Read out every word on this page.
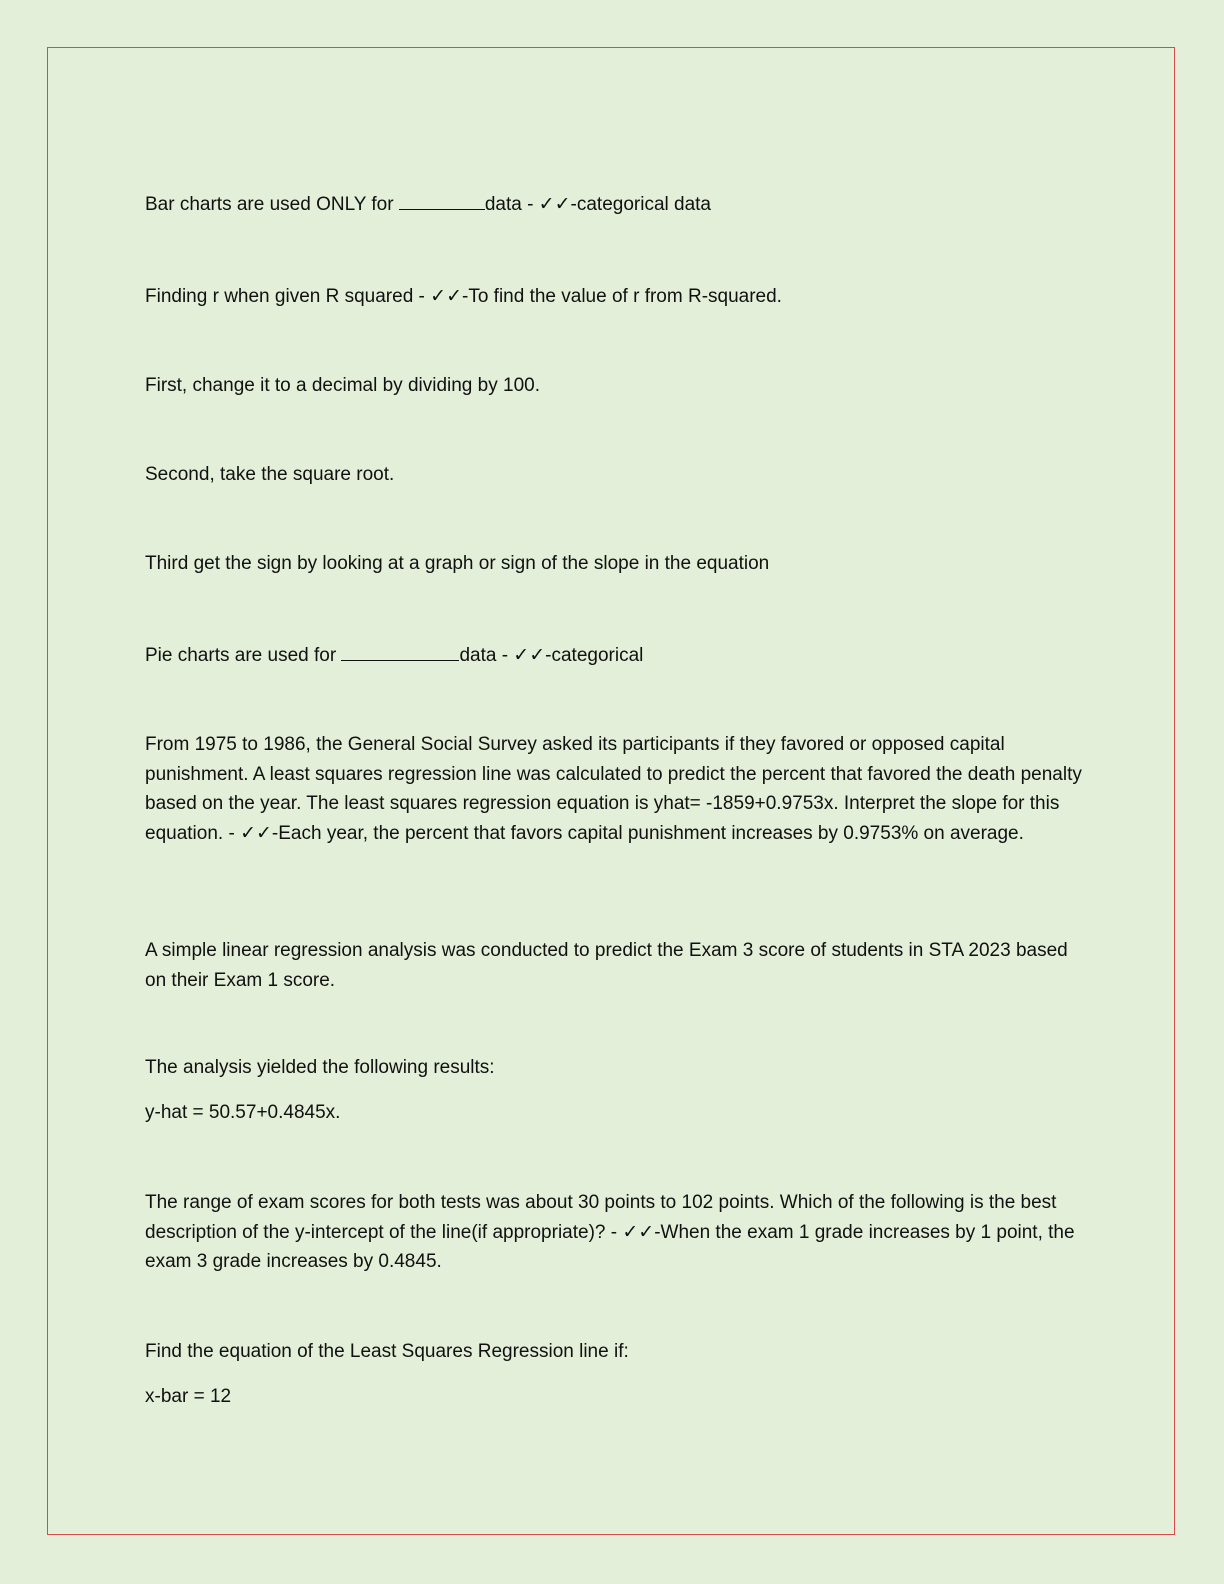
Bar charts are used ONLY for	data - ✓✓-categorical data

Finding r when given R squared - ✓✓-To find the value of r from R-squared.

First, change it to a decimal by dividing by 100.

Second, take the square root.

Third get the sign by looking at a graph or sign of the slope in the equation

Pie charts are used for	data - ✓✓-categorical

From 1975 to 1986, the General Social Survey asked its participants if they favored or opposed capital punishment. A least squares regression line was calculated to predict the percent that favored the death penalty based on the year. The least squares regression equation is yhat= -1859+0.9753x. Interpret the slope for this equation. - ✓✓-Each year, the percent that favors capital punishment increases by 0.9753% on average.

A simple linear regression analysis was conducted to predict the Exam 3 score of students in STA 2023 based on their Exam 1 score.

The analysis yielded the following results:

y-hat = 50.57+0.4845x.

The range of exam scores for both tests was about 30 points to 102 points. Which of the following is the best description of the y-intercept of the line(if appropriate)? - ✓✓-When the exam 1 grade increases by 1 point, the exam 3 grade increases by 0.4845.

Find the equation of the Least Squares Regression line if:

x-bar = 12
